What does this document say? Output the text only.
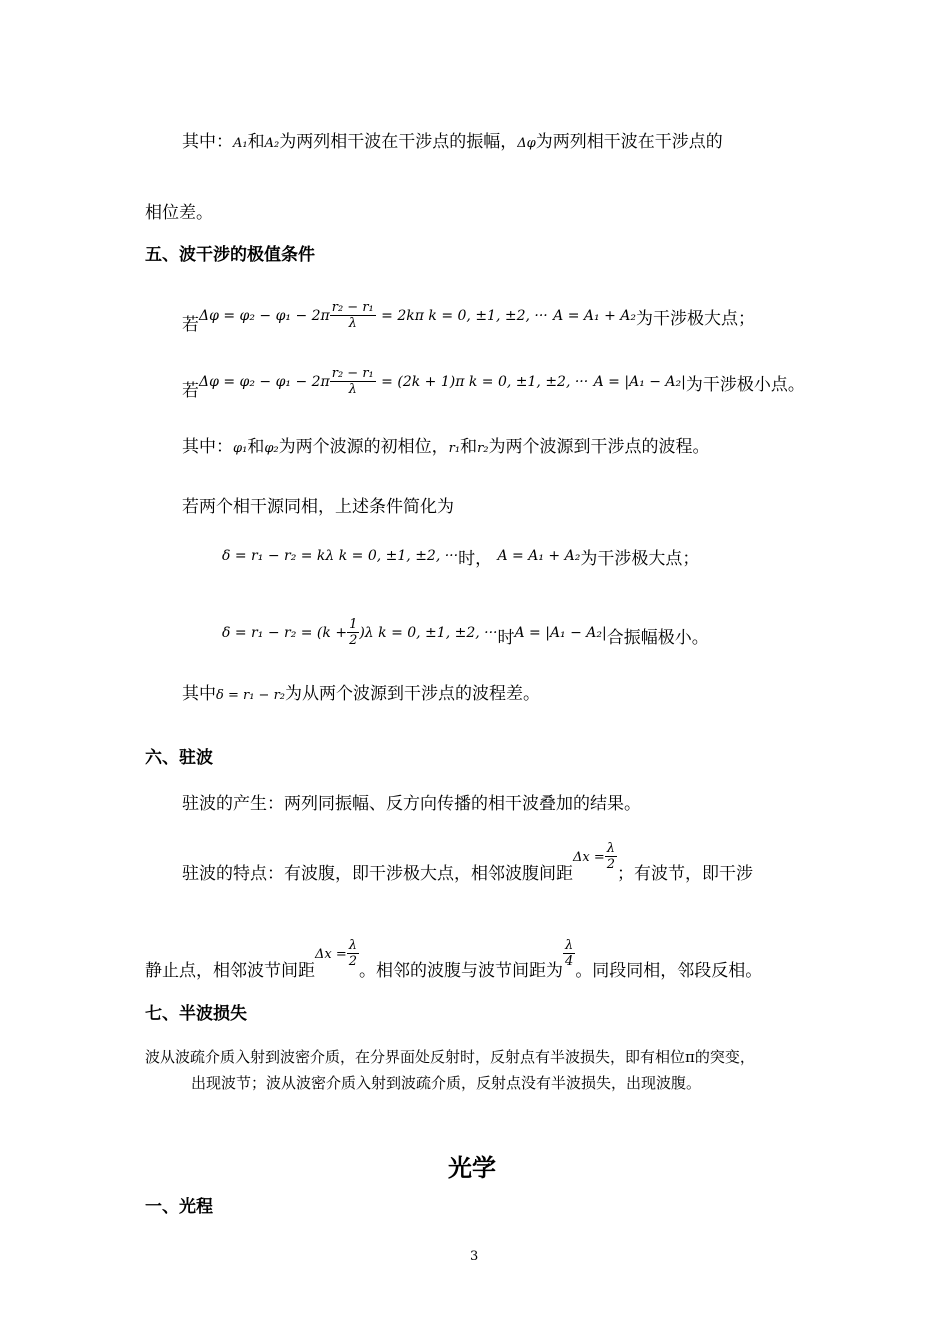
其中：A₁和A₂为两列相干波在干涉点的振幅，Δφ为两列相干波在干涉点的
相位差。
五、波干涉的极值条件
若$\Delta\varphi = \varphi_2 - \varphi_1 - 2\pi \frac{\text{r₂ − r₁}}{\lambda} = 2k\pi$ k = 0, ±1, ±2, ··· A = A₁ + A₂为干涉极大点；
若$\Delta\varphi = \varphi_2 - \varphi_1 - 2\pi \frac{\text{r₂ − r₁}}{\lambda} = (2k + 1)\pi$ k = 0, ±1, ±2, ··· A = |A₁ − A₂|为干涉极小点。
其中：φ₁和φ₂为两个波源的初相位，r₁和r₂为两个波源到干涉点的波程。
若两个相干源同相，上述条件简化为
δ = r₁ − r₂ = kλ k = 0, ±1, ±2, ···时， A = A₁ + A₂为干涉极大点；
$\delta = r_1 - r_2 = (k + \frac{1}{2} )\lambda$ k = 0, ±1, ±2, ···时A = |A₁ − A₂|合振幅极小。
其中δ = r₁ − r₂为从两个波源到干涉点的波程差。
六、驻波
驻波的产生：两列同振幅、反方向传播的相干波叠加的结果。
驻波的特点：有波腹，即干涉极大点，相邻波腹间距$\Delta x = \frac{\lambda}{2}$
；有波节，即干涉
静止点，相邻波节间距$\Delta x = \frac{\lambda}{2}$
。相邻的波腹与波节间距为
$\frac{\lambda}{4}$
。同段同相，邻段反相。
七、半波损失
波从波疏介质入射到波密介质，在分界面处反射时，反射点有半波损失，即有相位π的突变，
出现波节；波从波密介质入射到波疏介质，反射点没有半波损失，出现波腹。
光学
一、光程
3
